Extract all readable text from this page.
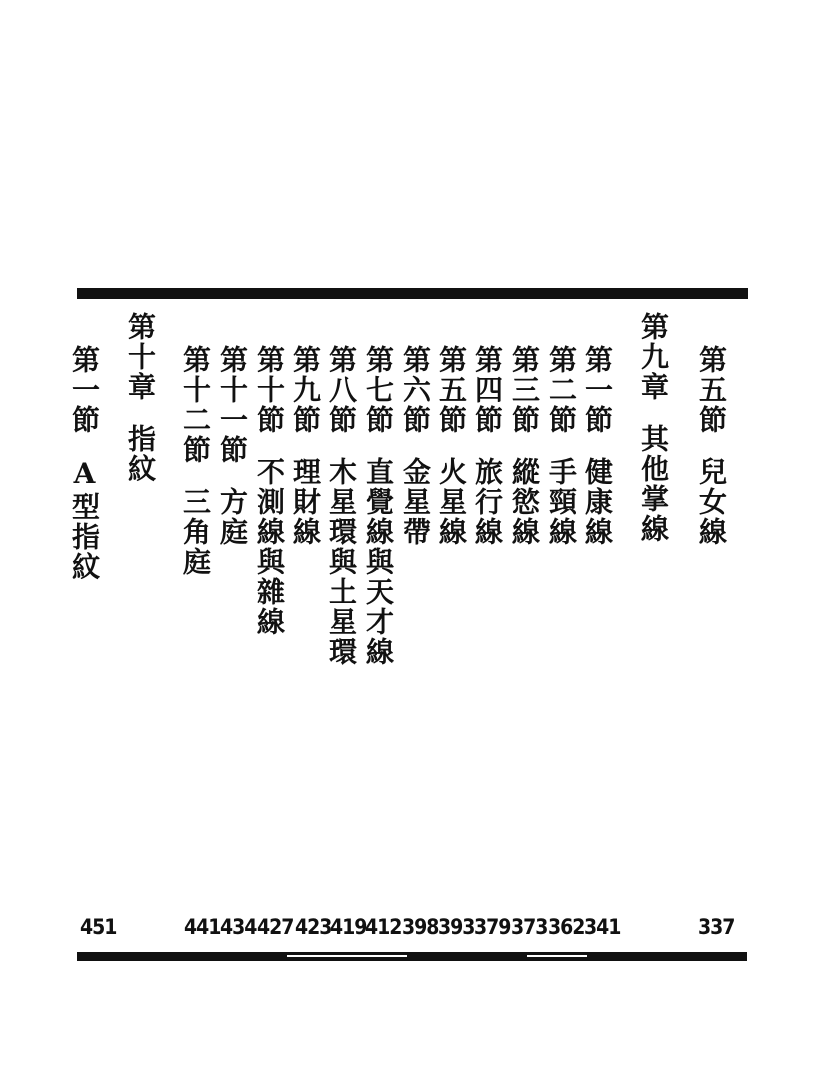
第五節兒女線
第九章其他掌線
第一節健康線
第二節手頸線
第三節縱慾線
第四節旅行線
第五節火星線
第六節金星帶
第七節直覺線與天才線
第八節木星環與土星環
第九節理財線
第十節不測線與雜線
第十一節方庭
第十二節三角庭
第十章指紋
第一節A型指紋
337
341
362
373
379
393
398
412
419
423
427
434
441
451
